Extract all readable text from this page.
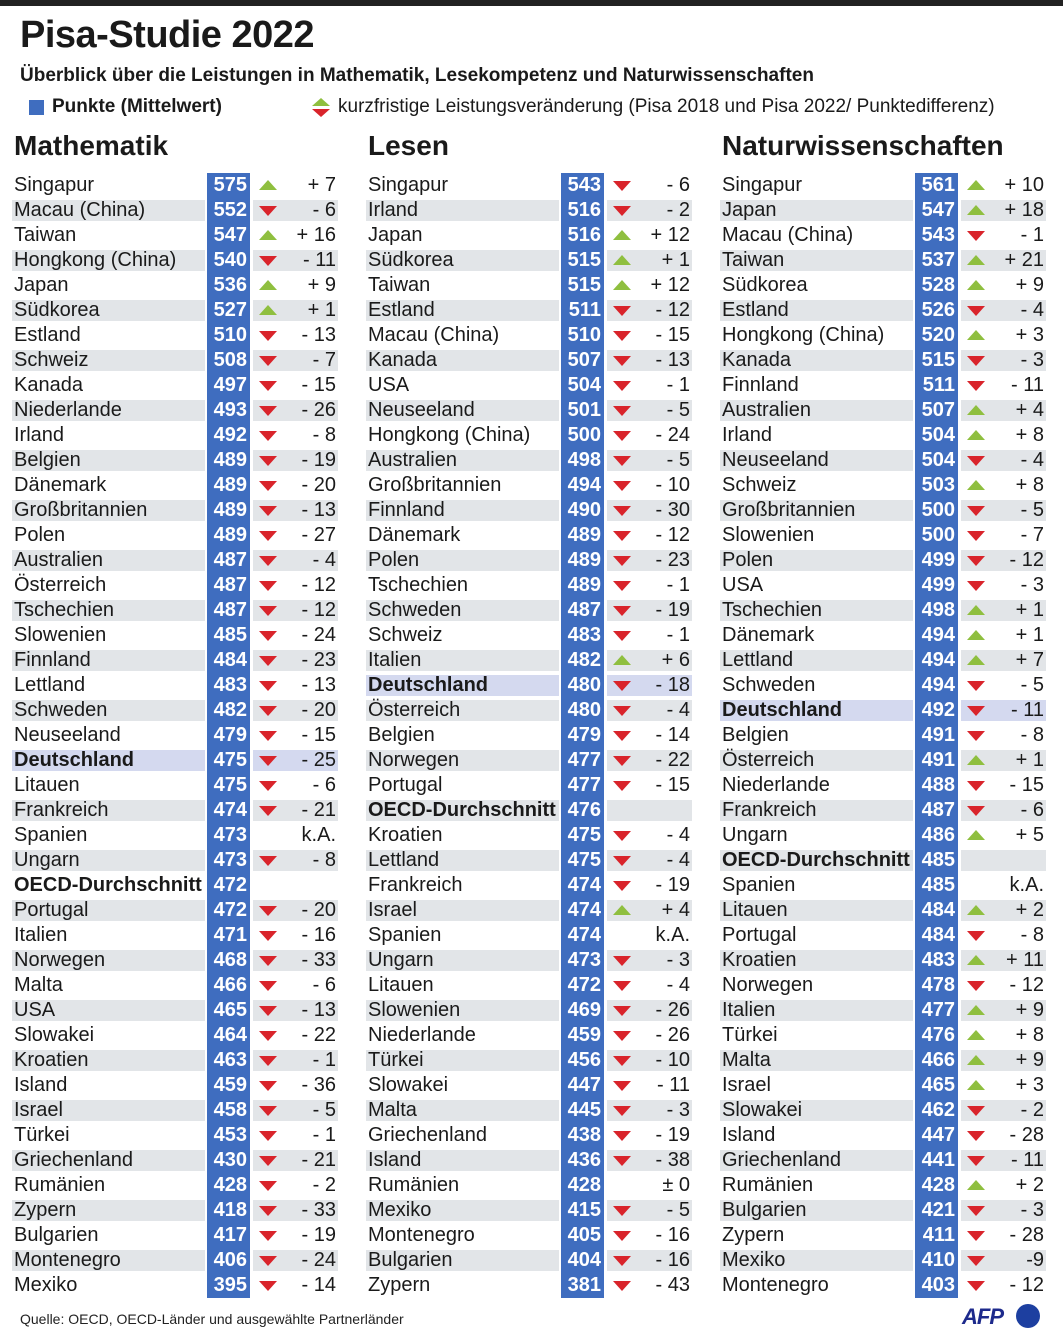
Pisa-Studie 2022
Überblick über die Leistungen in Mathematik, Lesekompetenz und Naturwissenschaften
Punkte (Mittelwert)	kurzfristige Leistungsveränderung (Pisa 2018 und Pisa 2022/ Punktedifferenz)
Mathematik
Singapur	575	+ 7
Macau (China)	552	- 6
Taiwan	547 + 16
Hongkong (China)	540	- 11
Japan	536	+ 9
Südkorea	527	+ 1
Estland	510	- 13
Schweiz	508	- 7
Kanada	497	- 15
Niederlande	493	- 26
Irland	492	- 8
Belgien	489	- 19
Dänemark	489	- 20
Großbritannien	489	- 13
Polen	489	- 27
Australien	487	- 4
Österreich	487	- 12
Tschechien	487	- 12
Slowenien	485	- 24
Finnland	484	- 23
Lettland	483	- 13
Schweden	482	- 20
Neuseeland	479	- 15
Deutschland	475	- 25
Litauen	475	- 6
Frankreich	474	- 21
Spanien	473	k.A.
Ungarn	473	- 8
OECD-Durchschnitt 472
Portugal	472	- 20
Italien	471	- 16
Norwegen	468	- 33
Malta	466	- 6
USA	465	- 13
Slowakei	464	- 22
Kroatien	463	- 1
Island	459	- 36
Israel	458	- 5
Türkei	453	- 1
Griechenland	430	- 21
Rumänien	428	- 2
Zypern	418	- 33
Bulgarien	417	- 19
Montenegro	406	- 24
Mexiko	395	- 14
Lesen
Singapur	543	- 6
Irland	516	- 2
Japan	516 + 12
Südkorea	515	+ 1
Taiwan	515 + 12
Estland	511	- 12
Macau (China)	510	- 15
Kanada	507	- 13
USA	504	- 1
Neuseeland	501	- 5
Hongkong (China)	500	- 24
Australien	498	- 5
Großbritannien	494	- 10
Finnland	490	- 30
Dänemark	489	- 12
Polen	489	- 23
Tschechien	489	- 1
Schweden	487	- 19
Schweiz	483	- 1
Italien	482	+ 6
Deutschland	480	- 18
Österreich	480	- 4
Belgien	479	- 14
Norwegen	477	- 22
Portugal	477	- 15
OECD-Durchschnitt 476
Kroatien	475	- 4
Lettland	475	- 4
Frankreich	474	- 19
Israel	474	+ 4
Spanien	474	k.A.
Ungarn	473	- 3
Litauen	472	- 4
Slowenien	469	- 26
Niederlande	459	- 26
Türkei	456	- 10
Slowakei	447	- 11
Malta	445	- 3
Griechenland	438	- 19
Island	436	- 38
Rumänien	428	± 0
Mexiko	415	- 5
Montenegro	405	- 16
Bulgarien	404	- 16
Zypern	381	- 43
Naturwissenschaften
Singapur	561 + 10
Japan	547 + 18
Macau (China)	543	- 1
Taiwan	537 + 21
Südkorea	528	+ 9
Estland	526	- 4
Hongkong (China)	520	+ 3
Kanada	515	- 3
Finnland	511	- 11
Australien	507	+ 4
Irland	504	+ 8
Neuseeland	504	- 4
Schweiz	503	+ 8
Großbritannien	500	- 5
Slowenien	500	- 7
Polen	499	- 12
USA	499	- 3
Tschechien	498	+ 1
Dänemark	494	+ 1
Lettland	494	+ 7
Schweden	494	- 5
Deutschland	492	- 11
Belgien	491	- 8
Österreich	491	+ 1
Niederlande	488	- 15
Frankreich	487	- 6
Ungarn	486	+ 5
OECD-Durchschnitt 485
Spanien	485	k.A.
Litauen	484	+ 2
Portugal	484	- 8
Kroatien	483	+ 11
Norwegen	478	- 12
Italien	477	+ 9
Türkei	476	+ 8
Malta	466	+ 9
Israel	465	+ 3
Slowakei	462	- 2
Island	447	- 28
Griechenland	441	- 11
Rumänien	428	+ 2
Bulgarien	421	- 3
Zypern	411	- 28
Mexiko	410	-9
Montenegro	403	- 12
Quelle: OECD, OECD-Länder und ausgewählte Partnerländer	AFP
